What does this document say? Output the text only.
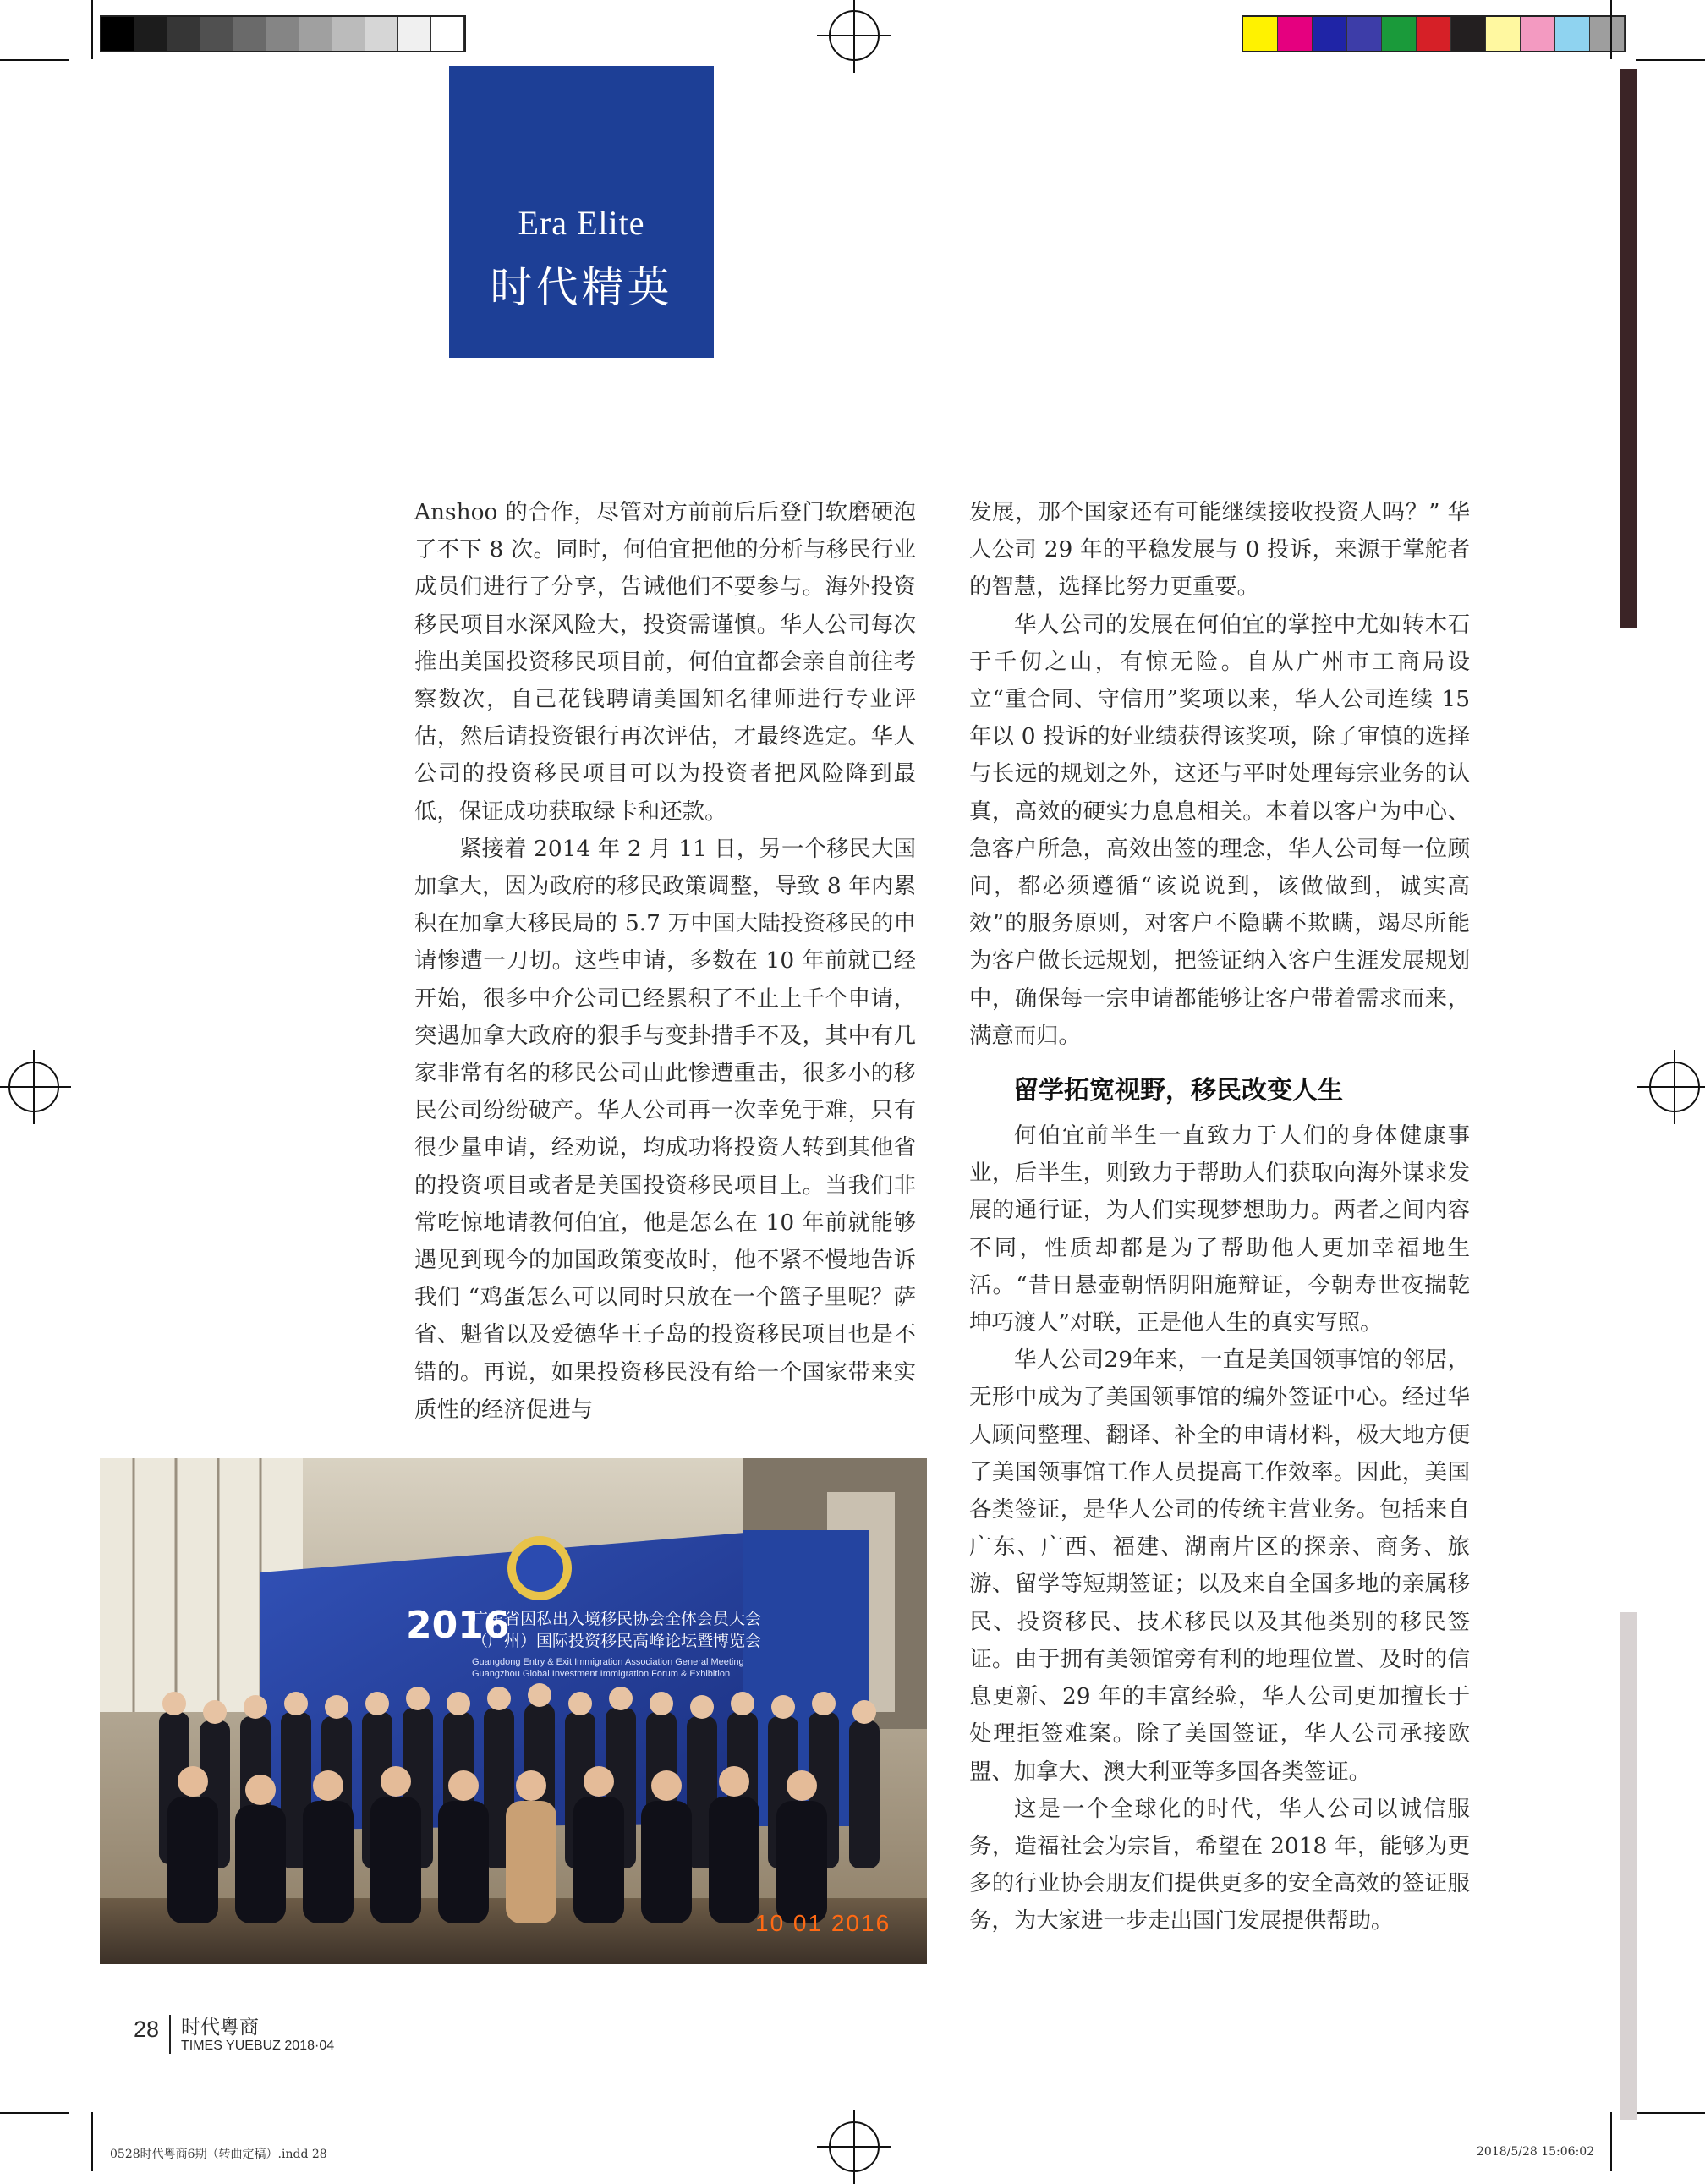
Era Elite
时代精英

Anshoo 的合作，尽管对方前前后后登门软磨硬泡了不下 8 次。同时，何伯宜把他的分析与移民行业成员们进行了分享，告诫他们不要参与。海外投资移民项目水深风险大，投资需谨慎。华人公司每次推出美国投资移民项目前，何伯宜都会亲自前往考察数次，自己花钱聘请美国知名律师进行专业评估，然后请投资银行再次评估，才最终选定。华人公司的投资移民项目可以为投资者把风险降到最低，保证成功获取绿卡和还款。

紧接着 2014 年 2 月 11 日，另一个移民大国加拿大，因为政府的移民政策调整，导致 8 年内累积在加拿大移民局的 5.7 万中国大陆投资移民的申请惨遭一刀切。这些申请，多数在 10 年前就已经开始，很多中介公司已经累积了不止上千个申请，突遇加拿大政府的狠手与变卦措手不及，其中有几家非常有名的移民公司由此惨遭重击，很多小的移民公司纷纷破产。华人公司再一次幸免于难，只有很少量申请，经劝说，均成功将投资人转到其他省的投资项目或者是美国投资移民项目上。当我们非常吃惊地请教何伯宜，他是怎么在 10 年前就能够遇见到现今的加国政策变故时，他不紧不慢地告诉我们 “鸡蛋怎么可以同时只放在一个篮子里呢？萨省、魁省以及爱德华王子岛的投资移民项目也是不错的。再说，如果投资移民没有给一个国家带来实质性的经济促进与

发展，那个国家还有可能继续接收投资人吗？” 华人公司 29 年的平稳发展与 0 投诉，来源于掌舵者的智慧，选择比努力更重要。

华人公司的发展在何伯宜的掌控中尤如转木石于千仞之山，有惊无险。自从广州市工商局设立“重合同、守信用”奖项以来，华人公司连续 15 年以 0 投诉的好业绩获得该奖项，除了审慎的选择与长远的规划之外，这还与平时处理每宗业务的认真，高效的硬实力息息相关。本着以客户为中心、急客户所急，高效出签的理念，华人公司每一位顾问，都必须遵循“该说说到，该做做到，诚实高效”的服务原则，对客户不隐瞒不欺瞒，竭尽所能为客户做长远规划，把签证纳入客户生涯发展规划中，确保每一宗申请都能够让客户带着需求而来，满意而归。

留学拓宽视野，移民改变人生

何伯宜前半生一直致力于人们的身体健康事业，后半生，则致力于帮助人们获取向海外谋求发展的通行证，为人们实现梦想助力。两者之间内容不同，性质却都是为了帮助他人更加幸福地生活。“昔日悬壶朝悟阴阳施辩证，今朝寿世夜揣乾坤巧渡人”对联，正是他人生的真实写照。

华人公司29年来，一直是美国领事馆的邻居，无形中成为了美国领事馆的编外签证中心。经过华人顾问整理、翻译、补全的申请材料，极大地方便了美国领事馆工作人员提高工作效率。因此，美国各类签证，是华人公司的传统主营业务。包括来自广东、广西、福建、湖南片区的探亲、商务、旅游、留学等短期签证；以及来自全国多地的亲属移民、投资移民、技术移民以及其他类别的移民签证。由于拥有美领馆旁有利的地理位置、及时的信息更新、29 年的丰富经验，华人公司更加擅长于处理拒签难案。除了美国签证，华人公司承接欧盟、加拿大、澳大利亚等多国各类签证。

这是一个全球化的时代，华人公司以诚信服务，造福社会为宗旨，希望在 2018 年，能够为更多的行业协会朋友们提供更多的安全高效的签证服务，为大家进一步走出国门发展提供帮助。

2016
广东省因私出入境移民协会全体会员大会
（广州）国际投资移民高峰论坛暨博览会
Guangdong Entry & Exit Immigration Association General Meeting
Guangzhou Global Investment Immigration Forum & Exhibition
10 01 2016
28 时代粤商
TIMES YUEBUZ 2018·04
0528时代粤商6期（转曲定稿）.indd 28	2018/5/28 15:06:02
